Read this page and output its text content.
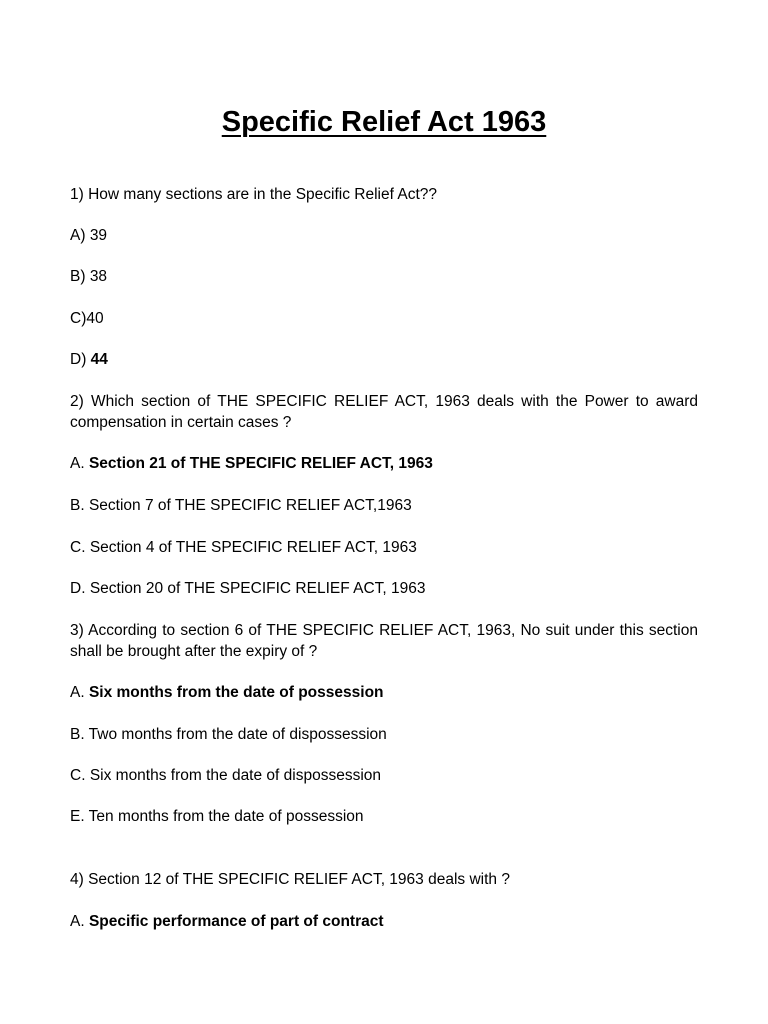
Specific Relief Act 1963
1) How many sections are in the Specific Relief Act??
A) 39
B) 38
C)40
D) 44
2) Which section of THE SPECIFIC RELIEF ACT, 1963 deals with the Power to award compensation in certain cases ?
A. Section 21 of THE SPECIFIC RELIEF ACT, 1963
B. Section 7 of THE SPECIFIC RELIEF ACT,1963
C. Section 4 of THE SPECIFIC RELIEF ACT, 1963
D. Section 20 of THE SPECIFIC RELIEF ACT, 1963
3) According to section 6 of THE SPECIFIC RELIEF ACT, 1963, No suit under this section shall be brought after the expiry of ?
A. Six months from the date of possession
B. Two months from the date of dispossession
C. Six months from the date of dispossession
E. Ten months from the date of possession
4) Section 12 of THE SPECIFIC RELIEF ACT, 1963 deals with ?
A. Specific performance of part of contract
